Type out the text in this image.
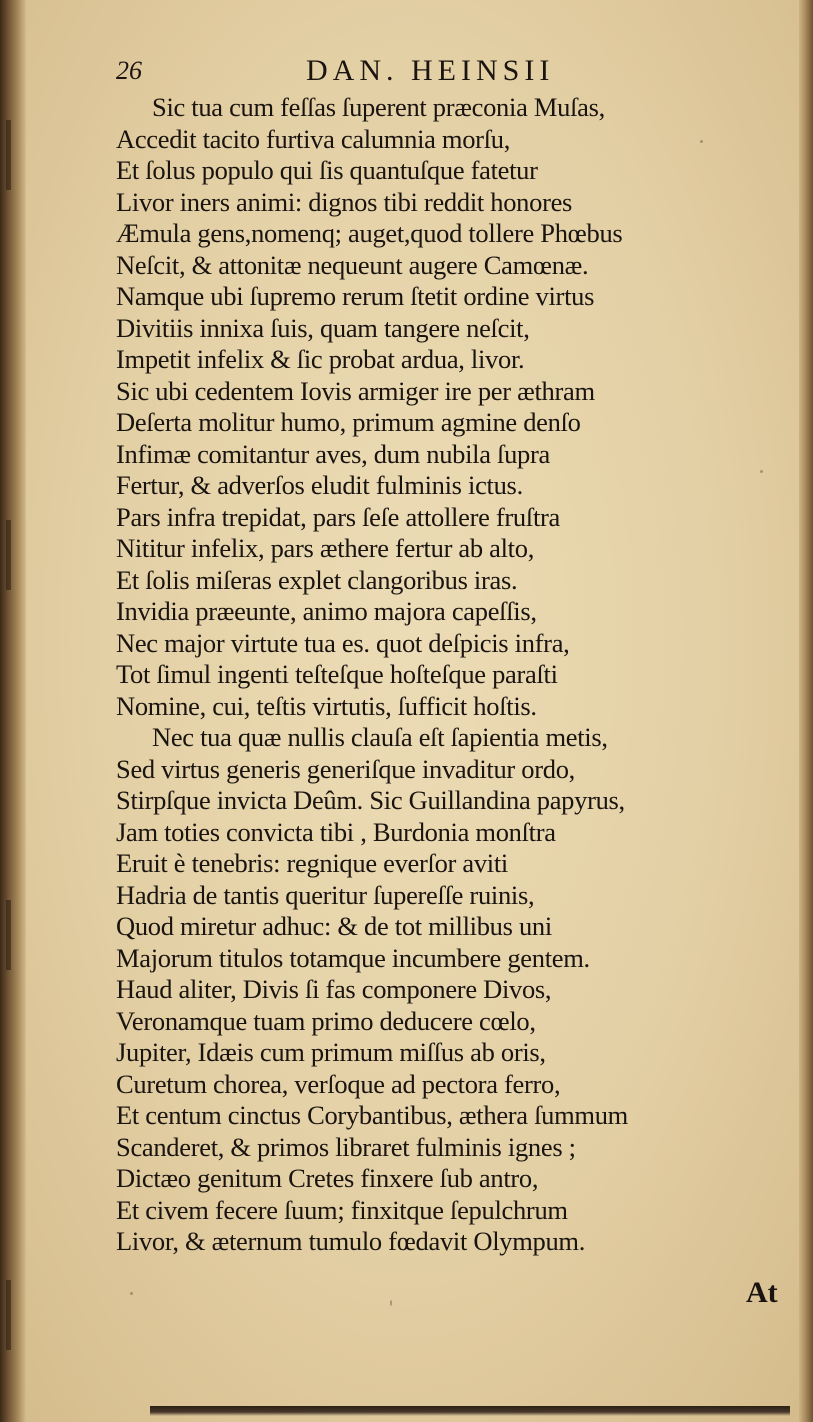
26	DAN. HEINSII
Sic tua cum feſſas ſuperent præconia Muſas,
Accedit tacito furtiva calumnia morſu,
Et ſolus populo qui ſis quantuſque fatetur
Livor iners animi: dignos tibi reddit honores
Æmula gens,nomenq; auget,quod tollere Phœbus
Neſcit, & attonitæ nequeunt augere Camœnæ.
Namque ubi ſupremo rerum ſtetit ordine virtus
Divitiis innixa ſuis, quam tangere neſcit,
Impetit infelix & ſic probat ardua, livor.
Sic ubi cedentem Iovis armiger ire per æthram
Deſerta molitur humo, primum agmine denſo
Infimæ comitantur aves, dum nubila ſupra
Fertur, & adverſos eludit fulminis ictus.
Pars infra trepidat, pars ſeſe attollere fruſtra
Nititur infelix, pars æthere fertur ab alto,
Et ſolis miſeras explet clangoribus iras.
Invidia præeunte, animo majora capeſſis,
Nec major virtute tua es. quot deſpicis infra,
Tot ſimul ingenti teſteſque hoſteſque paraſti
Nomine, cui, teſtis virtutis, ſufficit hoſtis.
Nec tua quæ nullis clauſa eſt ſapientia metis,
Sed virtus generis generiſque invaditur ordo,
Stirpſque invicta Deûm. Sic Guillandina papyrus,
Jam toties convicta tibi , Burdonia monſtra
Eruit è tenebris: regnique everſor aviti
Hadria de tantis queritur ſupereſſe ruinis,
Quod miretur adhuc: & de tot millibus uni
Majorum titulos totamque incumbere gentem.
Haud aliter, Divis ſi fas componere Divos,
Veronamque tuam primo deducere cœlo,
Jupiter, Idæis cum primum miſſus ab oris,
Curetum chorea, verſoque ad pectora ferro,
Et centum cinctus Corybantibus, æthera ſummum
Scanderet, & primos libraret fulminis ignes ;
Dictæo genitum Cretes finxere ſub antro,
Et civem fecere ſuum; finxitque ſepulchrum
Livor, & æternum tumulo fœdavit Olympum.
At
